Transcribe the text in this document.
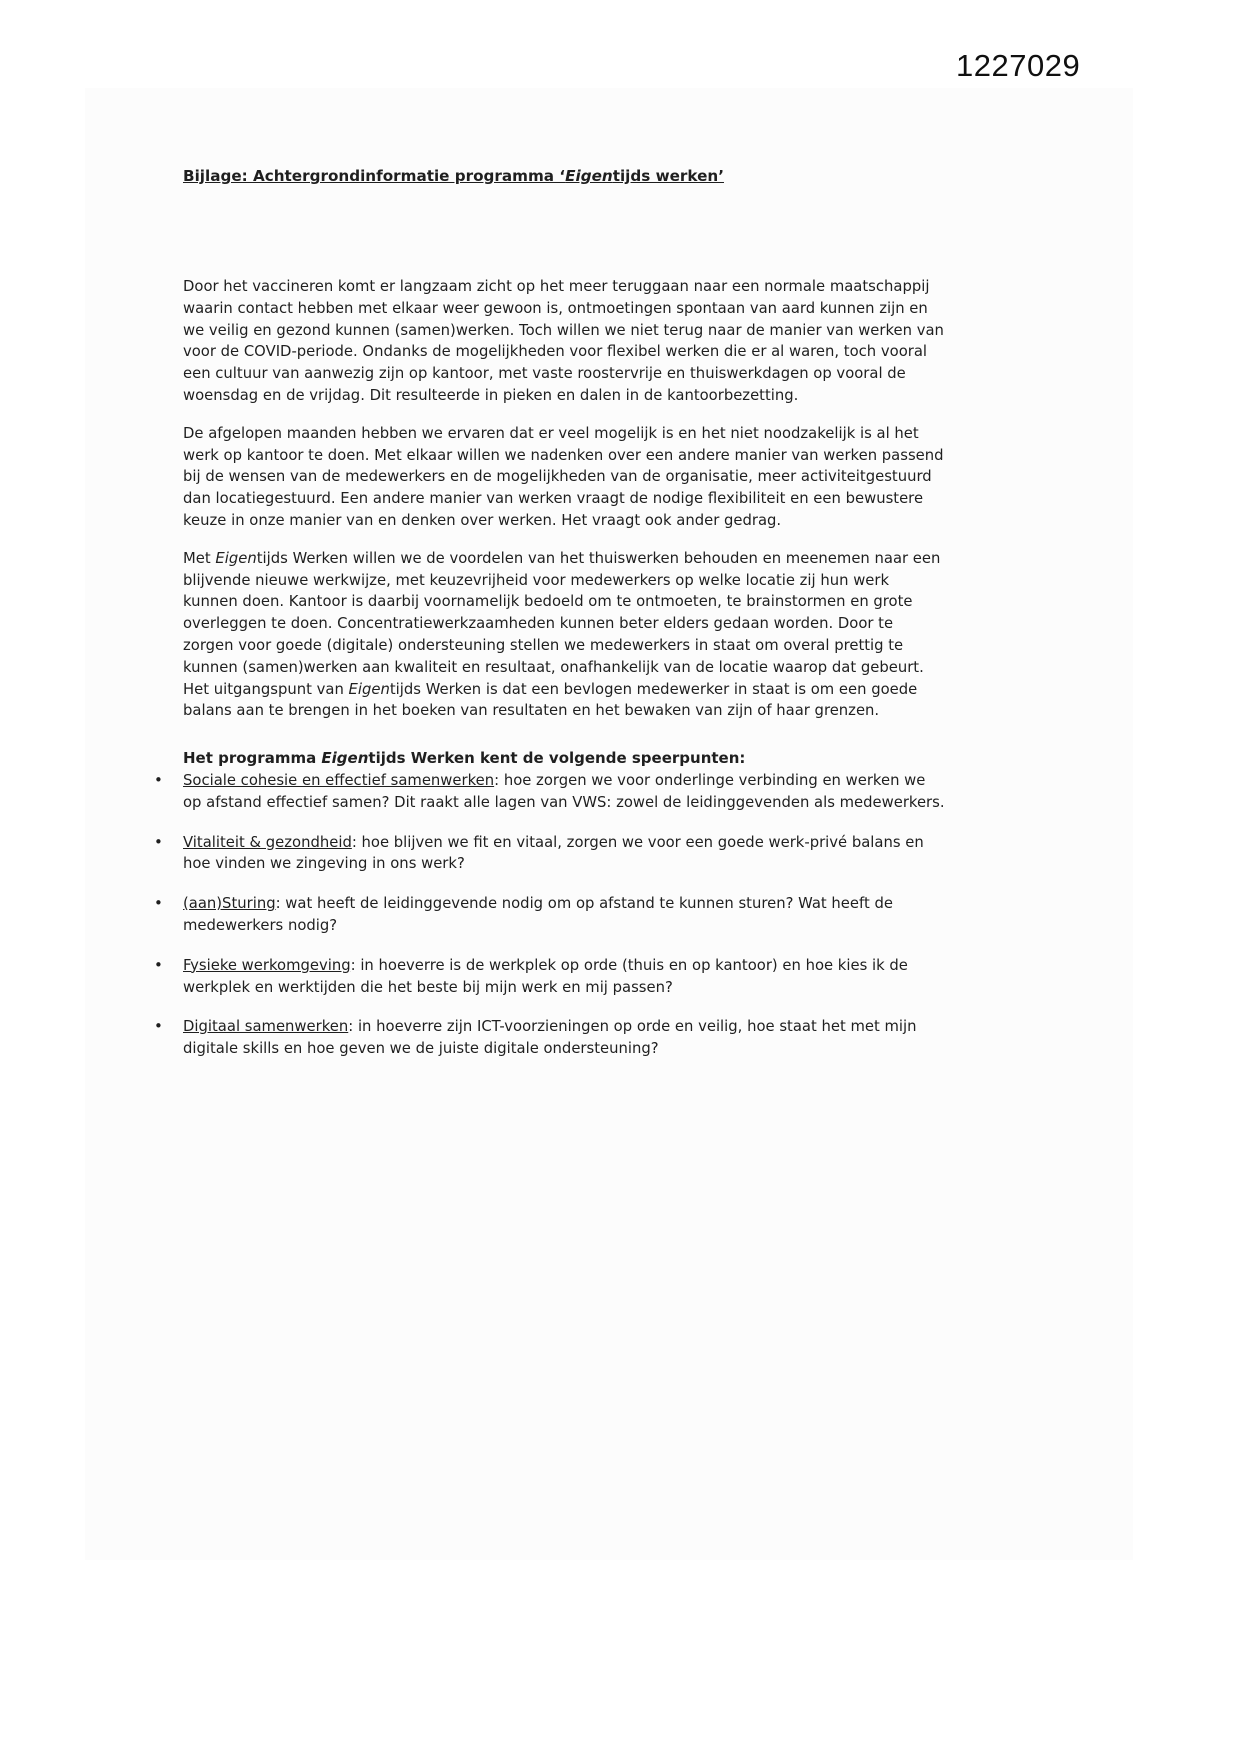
1227029
Bijlage: Achtergrondinformatie programma ‘Eigentijds werken’

Door het vaccineren komt er langzaam zicht op het meer teruggaan naar een normale maatschappij waarin contact hebben met elkaar weer gewoon is, ontmoetingen spontaan van aard kunnen zijn en we veilig en gezond kunnen (samen)werken. Toch willen we niet terug naar de manier van werken van voor de COVID-periode. Ondanks de mogelijkheden voor flexibel werken die er al waren, toch vooral een cultuur van aanwezig zijn op kantoor, met vaste roostervrije en thuiswerkdagen op vooral de woensdag en de vrijdag. Dit resulteerde in pieken en dalen in de kantoorbezetting.

De afgelopen maanden hebben we ervaren dat er veel mogelijk is en het niet noodzakelijk is al het werk op kantoor te doen. Met elkaar willen we nadenken over een andere manier van werken passend bij de wensen van de medewerkers en de mogelijkheden van de organisatie, meer activiteitgestuurd dan locatiegestuurd. Een andere manier van werken vraagt de nodige flexibiliteit en een bewustere keuze in onze manier van en denken over werken. Het vraagt ook ander gedrag.

Met Eigentijds Werken willen we de voordelen van het thuiswerken behouden en meenemen naar een blijvende nieuwe werkwijze, met keuzevrijheid voor medewerkers op welke locatie zij hun werk kunnen doen. Kantoor is daarbij voornamelijk bedoeld om te ontmoeten, te brainstormen en grote overleggen te doen. Concentratiewerkzaamheden kunnen beter elders gedaan worden. Door te zorgen voor goede (digitale) ondersteuning stellen we medewerkers in staat om overal prettig te kunnen (samen)werken aan kwaliteit en resultaat, onafhankelijk van de locatie waarop dat gebeurt. Het uitgangspunt van Eigentijds Werken is dat een bevlogen medewerker in staat is om een goede balans aan te brengen in het boeken van resultaten en het bewaken van zijn of haar grenzen.

Het programma Eigentijds Werken kent de volgende speerpunten:
•
Sociale cohesie en effectief samenwerken: hoe zorgen we voor onderlinge verbinding en werken we op afstand effectief samen? Dit raakt alle lagen van VWS: zowel de leidinggevenden als medewerkers.
•
Vitaliteit & gezondheid: hoe blijven we fit en vitaal, zorgen we voor een goede werk-privé balans en hoe vinden we zingeving in ons werk?
•
(aan)Sturing: wat heeft de leidinggevende nodig om op afstand te kunnen sturen? Wat heeft de medewerkers nodig?
•
Fysieke werkomgeving: in hoeverre is de werkplek op orde (thuis en op kantoor) en hoe kies ik de werkplek en werktijden die het beste bij mijn werk en mij passen?
•
Digitaal samenwerken: in hoeverre zijn ICT-voorzieningen op orde en veilig, hoe staat het met mijn digitale skills en hoe geven we de juiste digitale ondersteuning?
